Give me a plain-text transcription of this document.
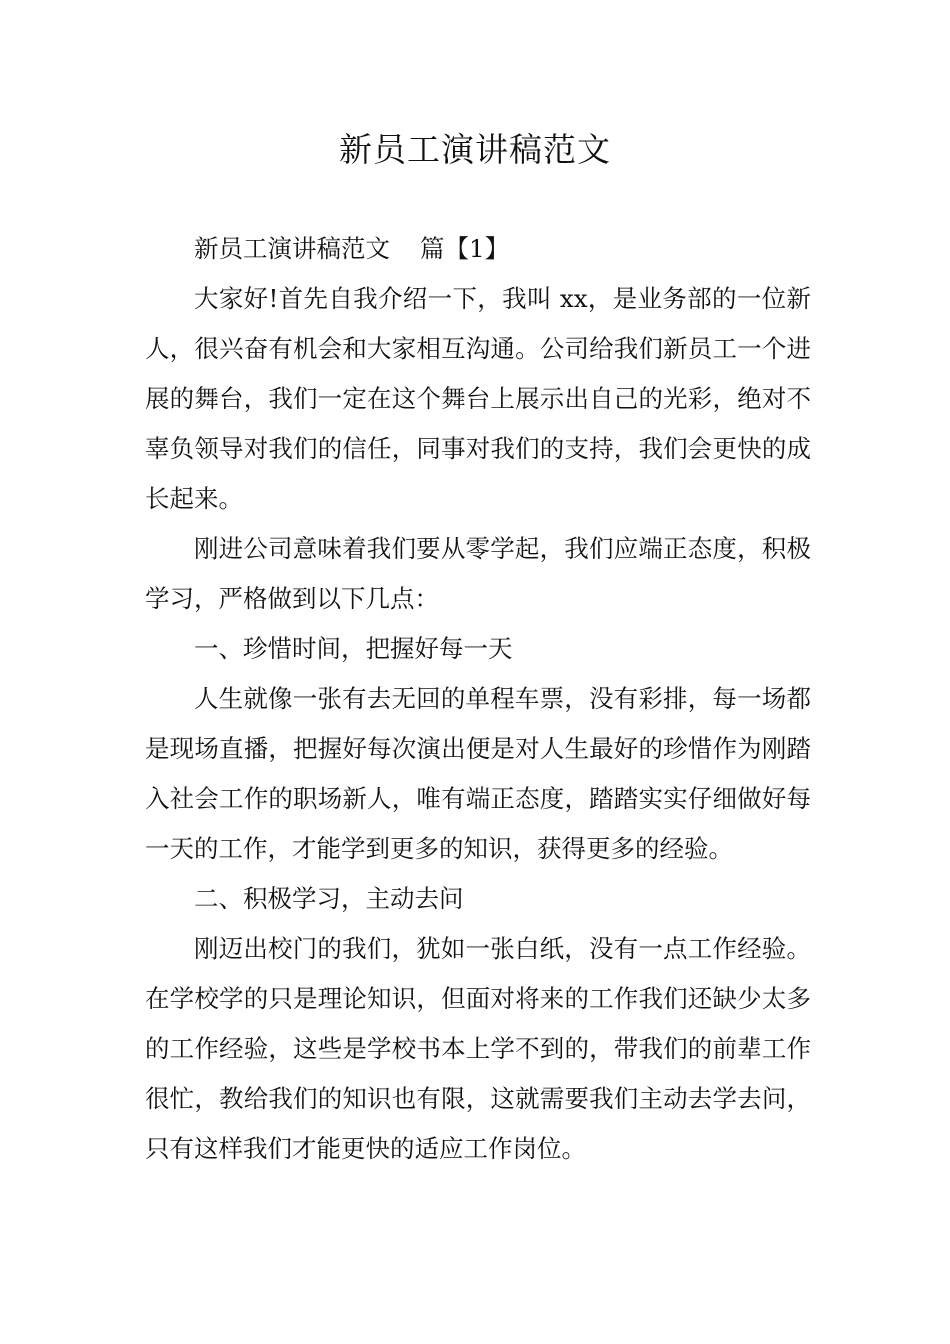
新员工演讲稿范文

新员工演讲稿范文 篇【1】

大家好!首先自我介绍一下，我叫 xx，是业务部的一位新人，很兴奋有机会和大家相互沟通。公司给我们新员工一个进展的舞台，我们一定在这个舞台上展示出自己的光彩，绝对不辜负领导对我们的信任，同事对我们的支持，我们会更快的成长起来。

刚进公司意味着我们要从零学起，我们应端正态度，积极学习，严格做到以下几点：

一、珍惜时间，把握好每一天

人生就像一张有去无回的单程车票，没有彩排，每一场都是现场直播，把握好每次演出便是对人生最好的珍惜作为刚踏入社会工作的职场新人，唯有端正态度，踏踏实实仔细做好每一天的工作，才能学到更多的知识，获得更多的经验。

二、积极学习，主动去问

刚迈出校门的我们，犹如一张白纸，没有一点工作经验。在学校学的只是理论知识，但面对将来的工作我们还缺少太多的工作经验，这些是学校书本上学不到的，带我们的前辈工作很忙，教给我们的知识也有限，这就需要我们主动去学去问，只有这样我们才能更快的适应工作岗位。
